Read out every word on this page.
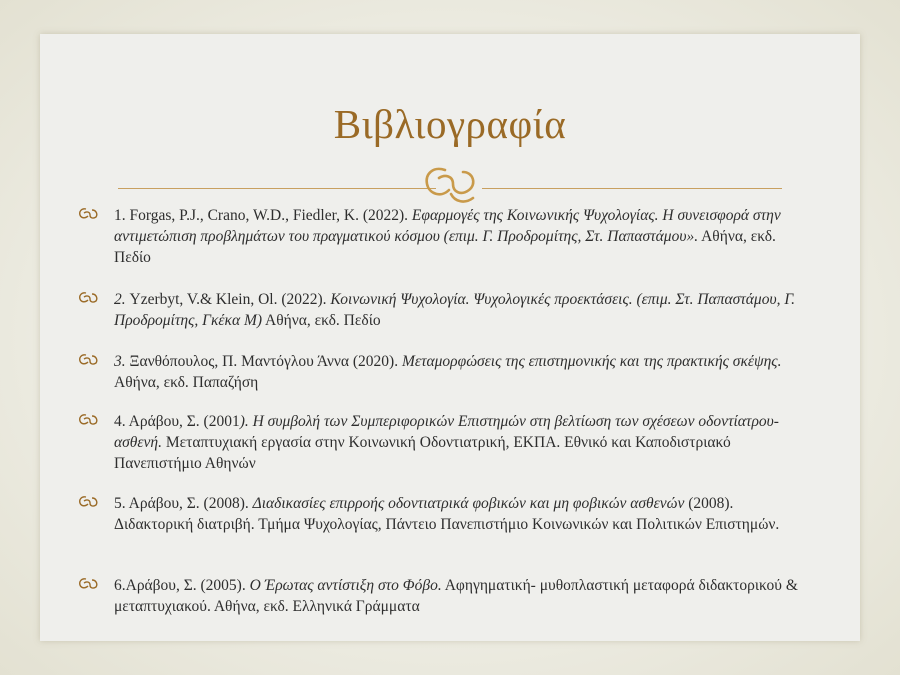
Βιβλιογραφία
1. Forgas, P.J., Crano, W.D., Fiedler, K. (2022). Εφαρμογές της Κοινωνικής Ψυχολογίας. Η συνεισφορά στην αντιμετώπιση προβλημάτων του πραγματικού κόσμου (επιμ. Γ. Προδρομίτης, Στ. Παπαστάμου». Αθήνα, εκδ. Πεδίο
2. Yzerbyt, V.& Klein, Ol. (2022). Κοινωνική Ψυχολογία. Ψυχολογικές προεκτάσεις. (επιμ. Στ. Παπαστάμου, Γ. Προδρομίτης, Γκέκα Μ) Αθήνα, εκδ. Πεδίο
3. Ξανθόπουλος, Π. Μαντόγλου Άννα (2020). Μεταμορφώσεις της επιστημονικής και της πρακτικής σκέψης. Αθήνα, εκδ. Παπαζήση
4. Αράβου, Σ. (2001). Η συμβολή των Συμπεριφορικών Επιστημών στη βελτίωση των σχέσεων οδοντίατρου-ασθενή. Μεταπτυχιακή εργασία στην Κοινωνική Οδοντιατρική, ΕΚΠΑ. Εθνικό και Καποδιστριακό Πανεπιστήμιο Αθηνών
5. Αράβου, Σ. (2008). Διαδικασίες επιρροής οδοντιατρικά φοβικών και μη φοβικών ασθενών (2008). Διδακτορική διατριβή. Τμήμα Ψυχολογίας, Πάντειο Πανεπιστήμιο Κοινωνικών και Πολιτικών Επιστημών.
6.Αράβου, Σ. (2005). Ο Έρωτας αντίστιξη στο Φόβο. Αφηγηματική- μυθοπλαστική μεταφορά διδακτορικού & μεταπτυχιακού. Αθήνα, εκδ. Ελληνικά Γράμματα
